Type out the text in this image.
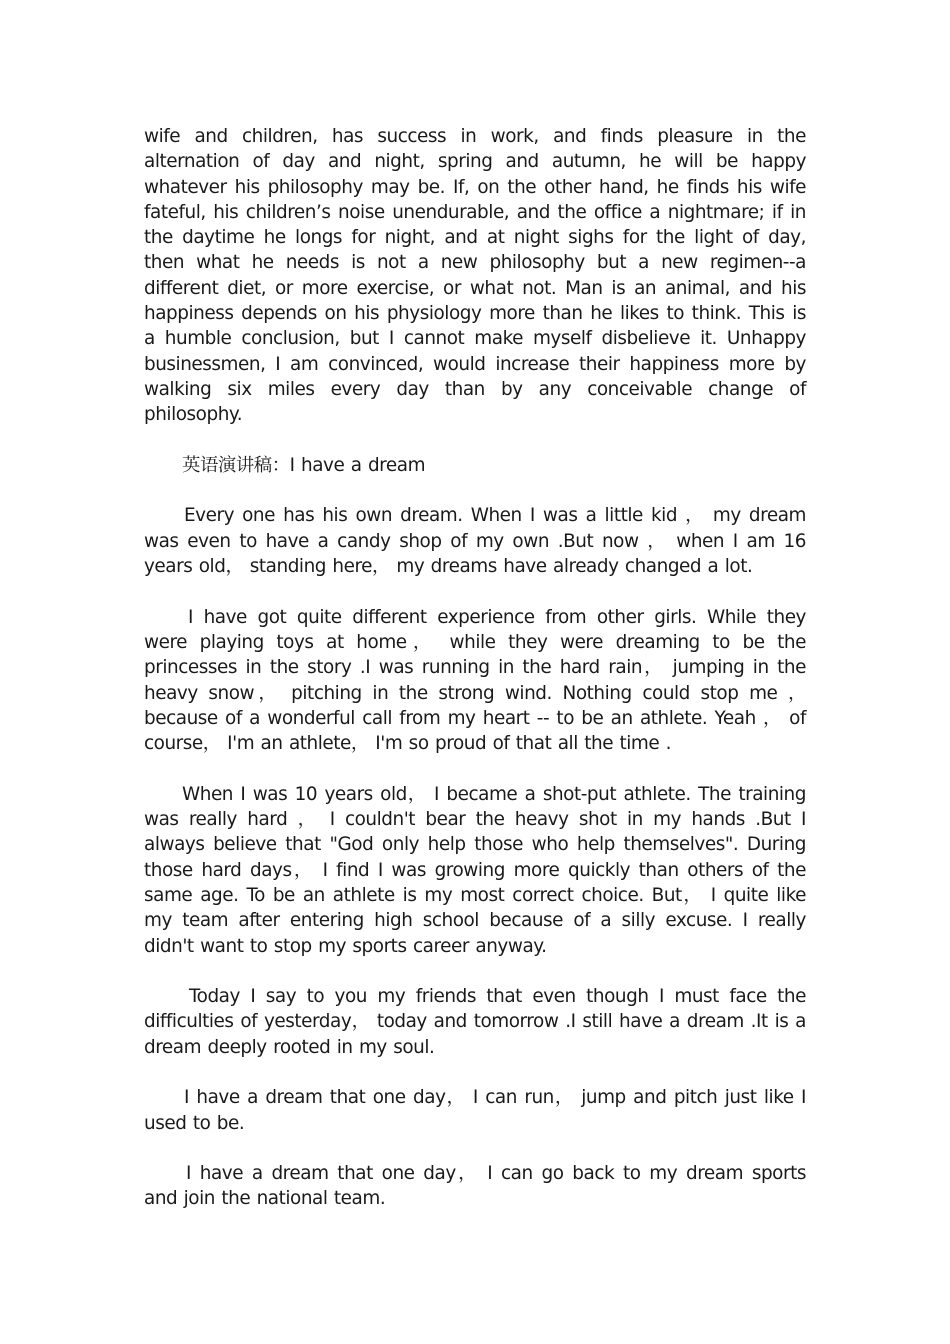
wife and children, has success in work, and finds pleasure in the alternation of day and night, spring and autumn, he will be happy whatever his philosophy may be. If, on the other hand, he finds his wife fateful, his children’s noise unendurable, and the office a nightmare; if in the daytime he longs for night, and at night sighs for the light of day, then what he needs is not a new philosophy but a new regimen--a different diet, or more exercise, or what not. Man is an animal, and his happiness depends on his physiology more than he likes to think. This is a humble conclusion, but I cannot make myself disbelieve it. Unhappy businessmen, I am convinced, would increase their happiness more by walking six miles every day than by any conceivable change of philosophy.

英语演讲稿：I have a dream

Every one has his own dream. When I was a little kid ， my dream was even to have a candy shop of my own .But now ， when I am 16 years old， standing here， my dreams have already changed a lot.

I have got quite different experience from other girls. While they were playing toys at home， while they were dreaming to be the princesses in the story .I was running in the hard rain， jumping in the heavy snow， pitching in the strong wind. Nothing could stop me ， because of a wonderful call from my heart -- to be an athlete. Yeah ， of course， I'm an athlete， I'm so proud of that all the time .

When I was 10 years old， I became a shot-put athlete. The training was really hard ， I couldn't bear the heavy shot in my hands .But I always believe that "God only help those who help themselves". During those hard days， I find I was growing more quickly than others of the same age. To be an athlete is my most correct choice. But， I quite like my team after entering high school because of a silly excuse. I really didn't want to stop my sports career anyway.

Today I say to you my friends that even though I must face the difficulties of yesterday， today and tomorrow .I still have a dream .It is a dream deeply rooted in my soul.

I have a dream that one day， I can run， jump and pitch just like I used to be.

I have a dream that one day， I can go back to my dream sports and join the national team.
